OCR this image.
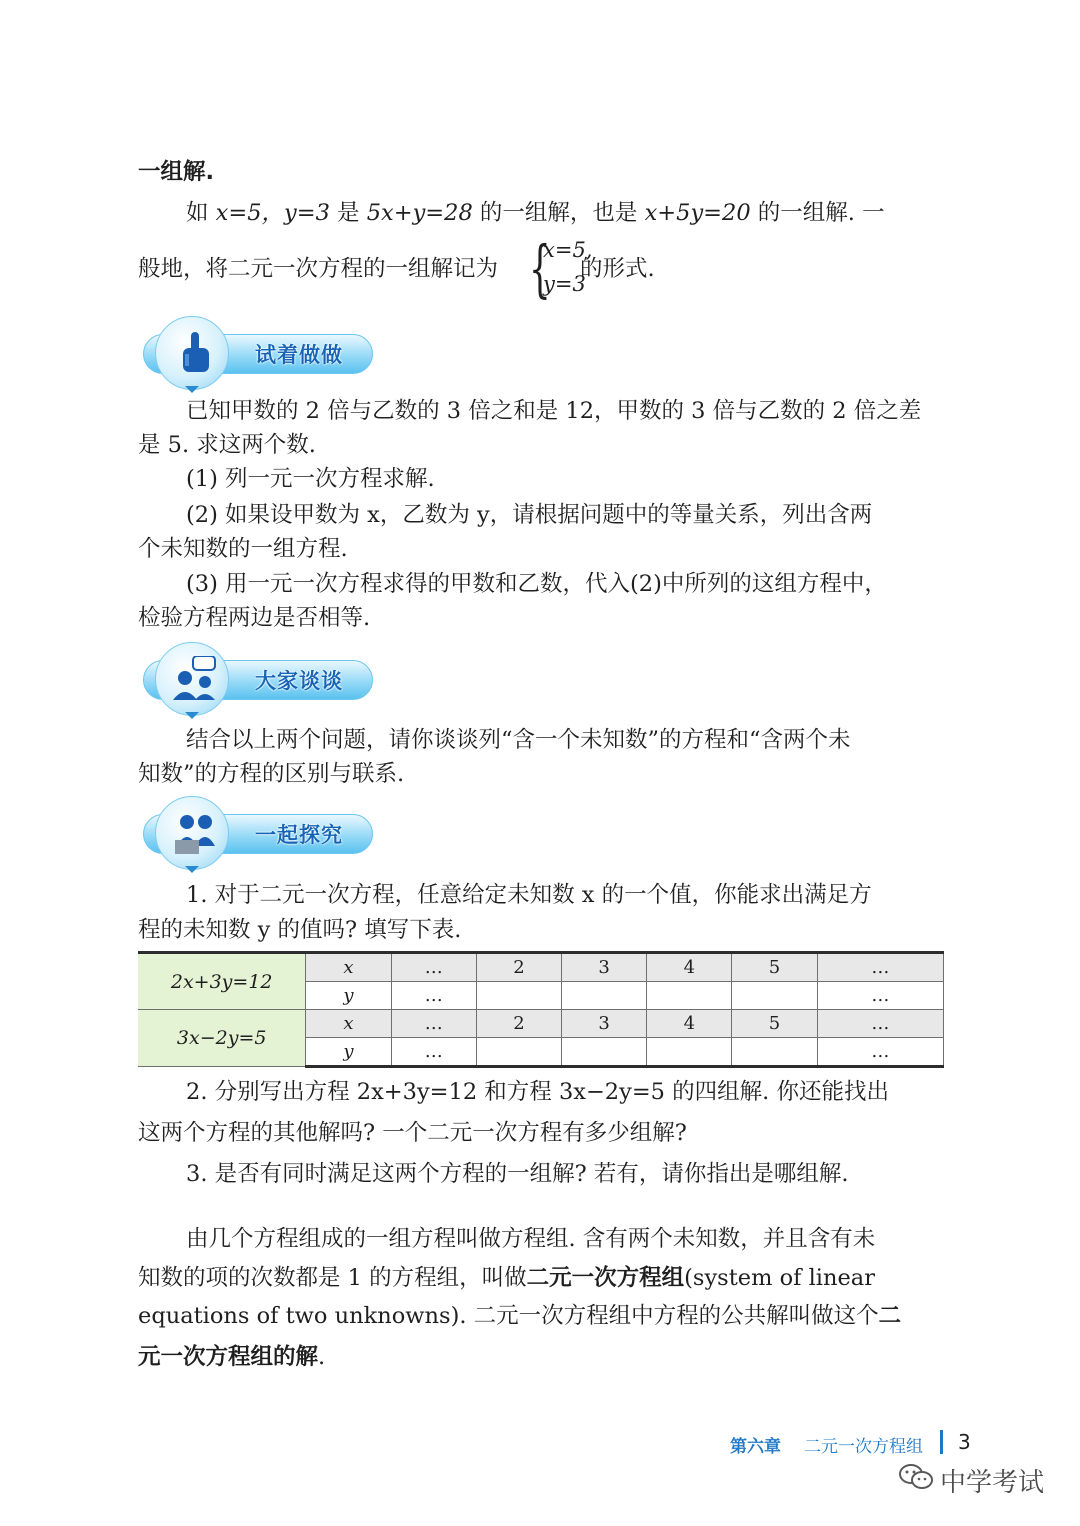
一组解.
如 x=5，y=3 是 5x+y=28 的一组解，也是 x+5y=20 的一组解. 一
般地，将二元一次方程的一组解记为	的形式.
{
x=5,
y=3
试着做做
已知甲数的 2 倍与乙数的 3 倍之和是 12，甲数的 3 倍与乙数的 2 倍之差
是 5. 求这两个数.
(1) 列一元一次方程求解.
(2) 如果设甲数为 x，乙数为 y，请根据问题中的等量关系，列出含两
个未知数的一组方程.
(3) 用一元一次方程求得的甲数和乙数，代入(2)中所列的这组方程中，
检验方程两边是否相等.
大家谈谈
结合以上两个问题，请你谈谈列“含一个未知数”的方程和“含两个未
知数”的方程的区别与联系.
一起探究
1. 对于二元一次方程，任意给定未知数 x 的一个值，你能求出满足方
程的未知数 y 的值吗? 填写下表.
2x+3y=12	x	…	2	3	4	5	…
	y	…					…
3x−2y=5	x	…	2	3	4	5	…
	y	…					…
2. 分别写出方程 2x+3y=12 和方程 3x−2y=5 的四组解. 你还能找出
这两个方程的其他解吗? 一个二元一次方程有多少组解?
3. 是否有同时满足这两个方程的一组解? 若有，请你指出是哪组解.
由几个方程组成的一组方程叫做方程组. 含有两个未知数，并且含有未
知数的项的次数都是 1 的方程组，叫做二元一次方程组(system of linear
equations of two unknowns). 二元一次方程组中方程的公共解叫做这个二
元一次方程组的解.
第六章 二元一次方程组 3
中学考试
